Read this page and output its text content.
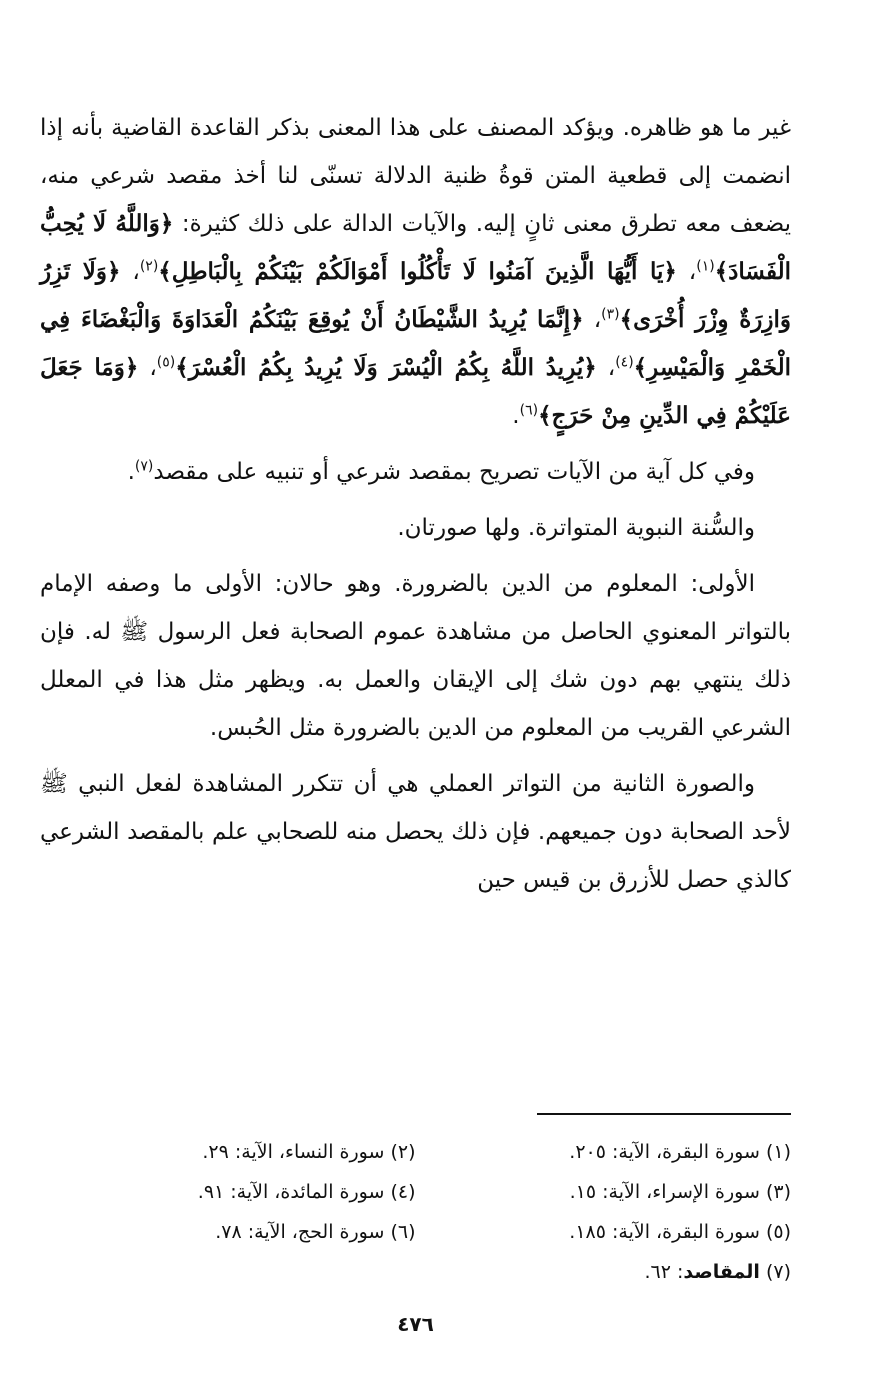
غير ما هو ظاهره. ويؤكد المصنف على هذا المعنى بذكر القاعدة القاضية بأنه إذا انضمت إلى قطعية المتن قوةُ ظنية الدلالة تسنّى لنا أخذ مقصد شرعي منه، يضعف معه تطرق معنى ثانٍ إليه. والآيات الدالة على ذلك كثيرة: ﴿وَاللَّهُ لَا يُحِبُّ الْفَسَادَ﴾$^{(١)}$، ﴿يَا أَيُّهَا الَّذِينَ آمَنُوا لَا تَأْكُلُوا أَمْوَالَكُمْ بَيْنَكُمْ بِالْبَاطِلِ﴾$^{(٢)}$، ﴿وَلَا تَزِرُ وَازِرَةٌ وِزْرَ أُخْرَى﴾$^{(٣)}$، ﴿إِنَّمَا يُرِيدُ الشَّيْطَانُ أَنْ يُوقِعَ بَيْنَكُمُ الْعَدَاوَةَ وَالْبَغْضَاءَ فِي الْخَمْرِ وَالْمَيْسِرِ﴾$^{(٤)}$، ﴿يُرِيدُ اللَّهُ بِكُمُ الْيُسْرَ وَلَا يُرِيدُ بِكُمُ الْعُسْرَ﴾$^{(٥)}$، ﴿وَمَا جَعَلَ عَلَيْكُمْ فِي الدِّينِ مِنْ حَرَجٍ﴾$^{(٦)}$.

وفي كل آية من الآيات تصريح بمقصد شرعي أو تنبيه على مقصد$^{(٧)}$.

والسُّنة النبوية المتواترة. ولها صورتان.

الأولى: المعلوم من الدين بالضرورة. وهو حالان: الأولى ما وصفه الإمام بالتواتر المعنوي الحاصل من مشاهدة عموم الصحابة فعل الرسول ﷺ له. فإن ذلك ينتهي بهم دون شك إلى الإيقان والعمل به. ويظهر مثل هذا في المعلل الشرعي القريب من المعلوم من الدين بالضرورة مثل الحُبس.

والصورة الثانية من التواتر العملي هي أن تتكرر المشاهدة لفعل النبي ﷺ لأحد الصحابة دون جميعهم. فإن ذلك يحصل منه للصحابي علم بالمقصد الشرعي كالذي حصل للأزرق بن قيس حين

(١) سورة البقرة، الآية: ٢٠٥.
(٢) سورة النساء، الآية: ٢٩.
(٣) سورة الإسراء، الآية: ١٥.
(٤) سورة المائدة، الآية: ٩١.
(٥) سورة البقرة، الآية: ١٨٥.
(٦) سورة الحج، الآية: ٧٨.
(٧) المقاصد: ٦٢.
٤٧٦
